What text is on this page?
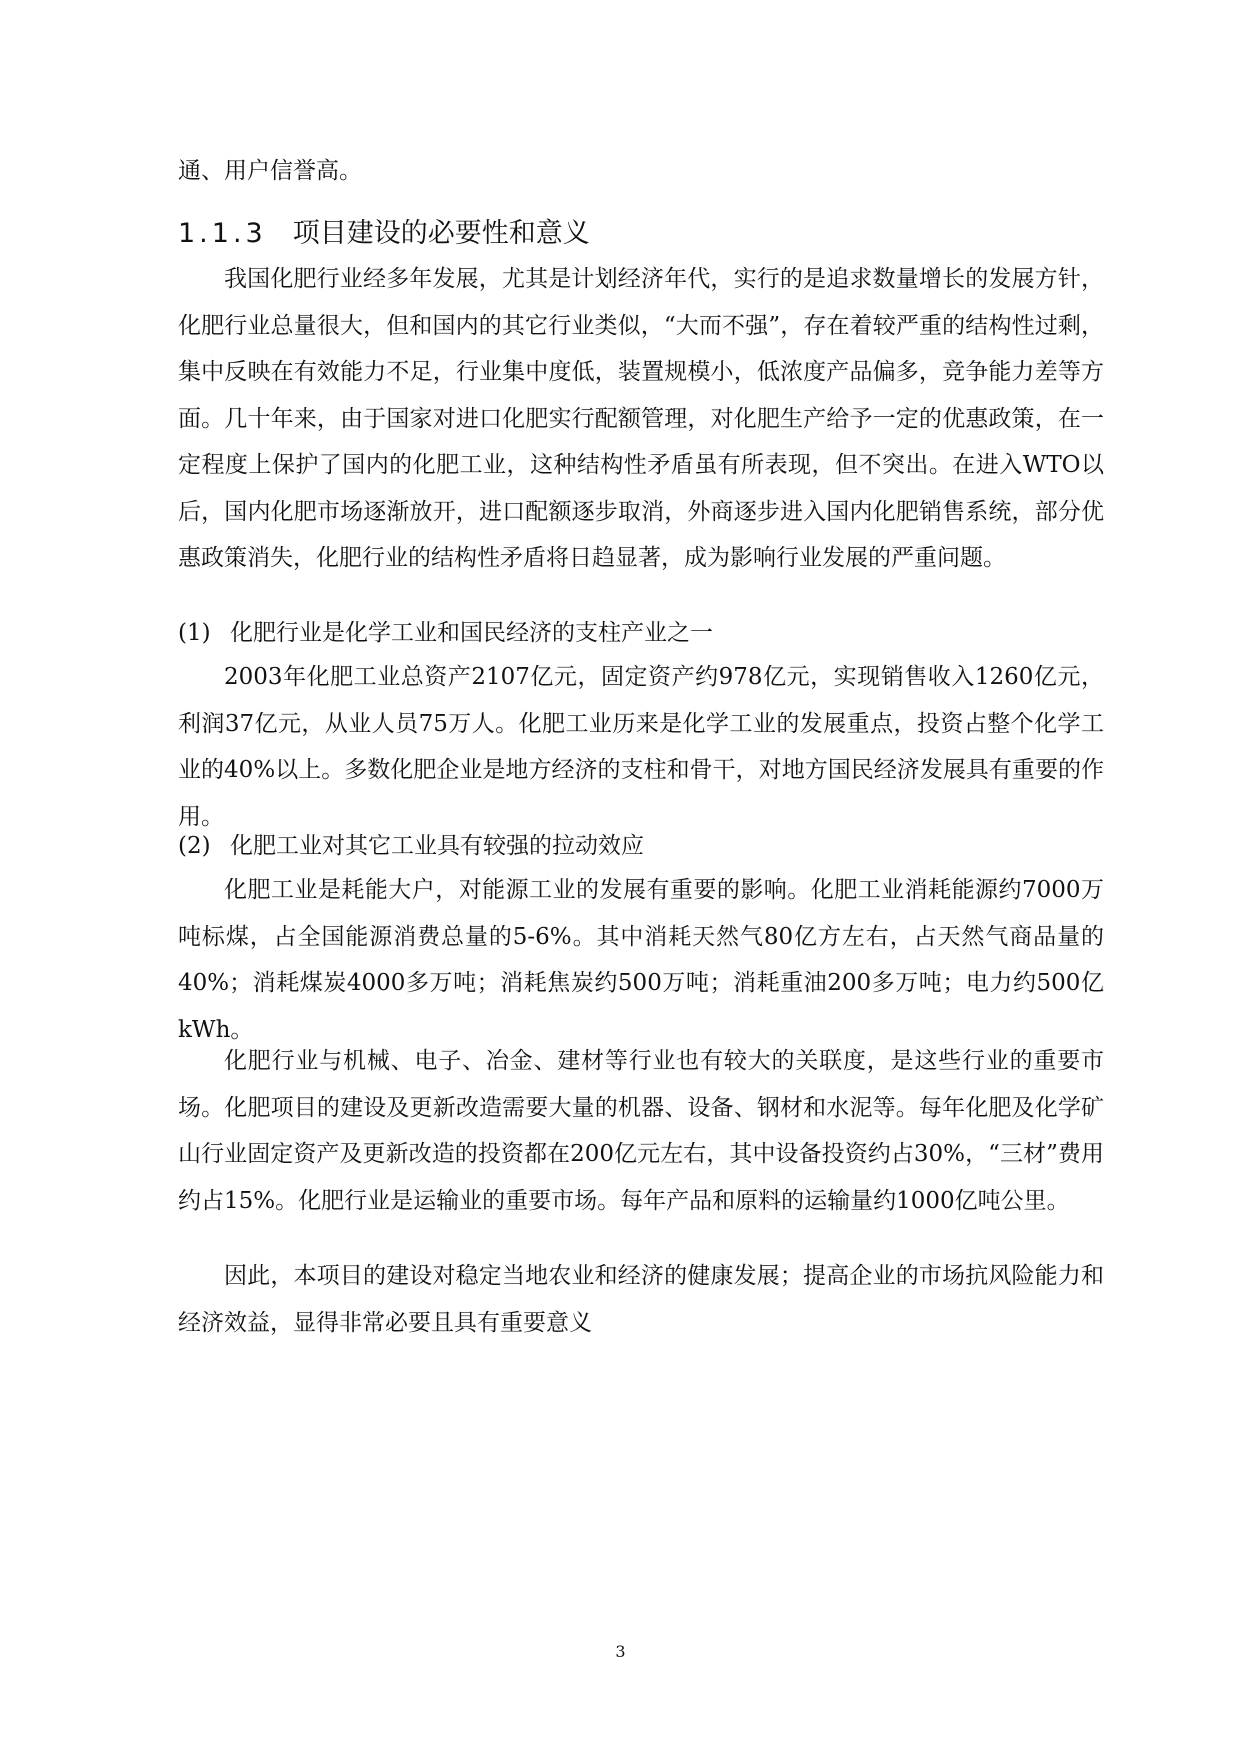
通、用户信誉高。

1.1.3 项目建设的必要性和意义

我国化肥行业经多年发展，尤其是计划经济年代，实行的是追求数量增长的发展方针，化肥行业总量很大，但和国内的其它行业类似，“大而不强”，存在着较严重的结构性过剩，集中反映在有效能力不足，行业集中度低，装置规模小，低浓度产品偏多，竞争能力差等方面。几十年来，由于国家对进口化肥实行配额管理，对化肥生产给予一定的优惠政策，在一定程度上保护了国内的化肥工业，这种结构性矛盾虽有所表现，但不突出。在进入WTO以后，国内化肥市场逐渐放开，进口配额逐步取消，外商逐步进入国内化肥销售系统，部分优惠政策消失，化肥行业的结构性矛盾将日趋显著，成为影响行业发展的严重问题。

(1) 化肥行业是化学工业和国民经济的支柱产业之一

2003年化肥工业总资产2107亿元，固定资产约978亿元，实现销售收入1260亿元，利润37亿元，从业人员75万人。化肥工业历来是化学工业的发展重点，投资占整个化学工业的40%以上。多数化肥企业是地方经济的支柱和骨干，对地方国民经济发展具有重要的作用。

(2) 化肥工业对其它工业具有较强的拉动效应

化肥工业是耗能大户，对能源工业的发展有重要的影响。化肥工业消耗能源约7000万吨标煤，占全国能源消费总量的5-6%。其中消耗天然气80亿方左右，占天然气商品量的40%；消耗煤炭4000多万吨；消耗焦炭约500万吨；消耗重油200多万吨；电力约500亿kWh。

化肥行业与机械、电子、冶金、建材等行业也有较大的关联度，是这些行业的重要市场。化肥项目的建设及更新改造需要大量的机器、设备、钢材和水泥等。每年化肥及化学矿山行业固定资产及更新改造的投资都在200亿元左右，其中设备投资约占30%，“三材”费用约占15%。化肥行业是运输业的重要市场。每年产品和原料的运输量约1000亿吨公里。

因此，本项目的建设对稳定当地农业和经济的健康发展；提高企业的市场抗风险能力和经济效益，显得非常必要且具有重要意义

3
